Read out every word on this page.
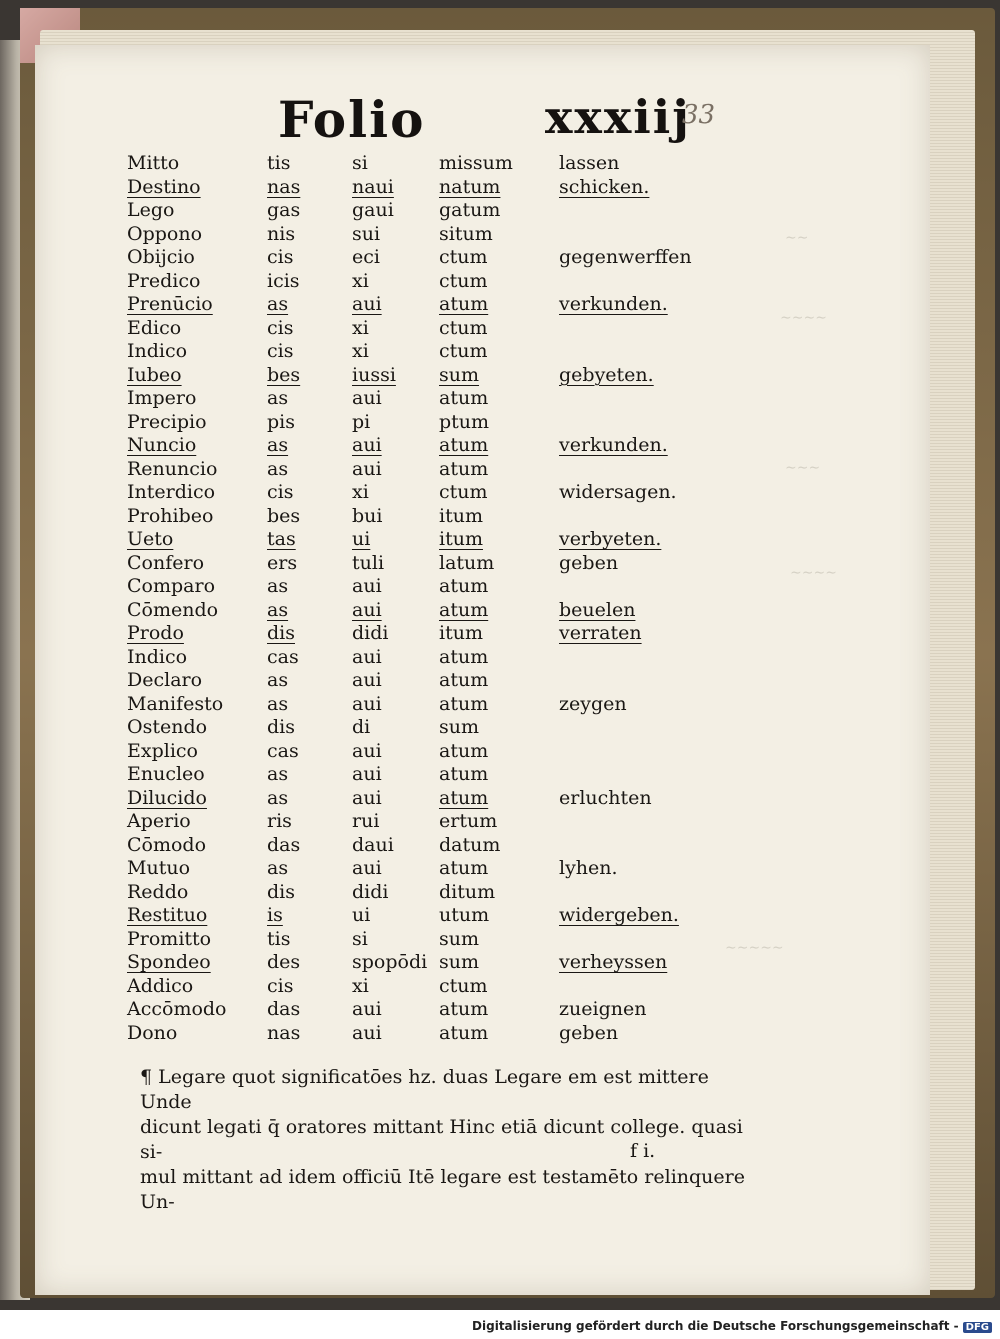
∼∼
∼∼∼∼
∼∼∼
∼∼∼∼
∼∼∼∼∼
Folio	xxxiij
33
Mitto	tis	si	missum	lassen
Destino	nas	naui	natum	schicken.
Lego	gas	gaui	gatum	
Oppono	nis	sui	situm	
Obijcio	cis	eci	ctum	gegenwerffen
Predico	icis	xi	ctum	
Prenūcio	as	aui	atum	verkunden.
Edico	cis	xi	ctum	
Indico	cis	xi	ctum	
Iubeo	bes	iussi	sum	gebyeten.
Impero	as	aui	atum	
Precipio	pis	pi	ptum	
Nuncio	as	aui	atum	verkunden.
Renuncio	as	aui	atum	
Interdico	cis	xi	ctum	widersagen.
Prohibeo	bes	bui	itum	
Ueto	tas	ui	itum	verbyeten.
Confero	ers	tuli	latum	geben
Comparo	as	aui	atum	
Cōmendo	as	aui	atum	beuelen
Prodo	dis	didi	itum	verraten
Indico	cas	aui	atum	
Declaro	as	aui	atum	
Manifesto	as	aui	atum	zeygen
Ostendo	dis	di	sum	
Explico	cas	aui	atum	
Enucleo	as	aui	atum	
Dilucido	as	aui	atum	erluchten
Aperio	ris	rui	ertum	
Cōmodo	das	daui	datum	
Mutuo	as	aui	atum	lyhen.
Reddo	dis	didi	ditum	
Restituo	is	ui	utum	widergeben.
Promitto	tis	si	sum	
Spondeo	des	spopōdi	sum	verheyssen
Addico	cis	xi	ctum	
Accōmodo	das	aui	atum	zueignen
Dono	nas	aui	atum	geben
¶ Legare quot significatōes hz. duas Legare em est mittere Unde
dicunt legati q̄ oratores mittant Hinc etiā dicunt college. quasi si-
mul mittant ad idem officiū Itē legare est testamēto relinquere Un-
f i.
Digitalisierung gefördert durch die Deutsche Forschungsgemeinschaft - DFG
